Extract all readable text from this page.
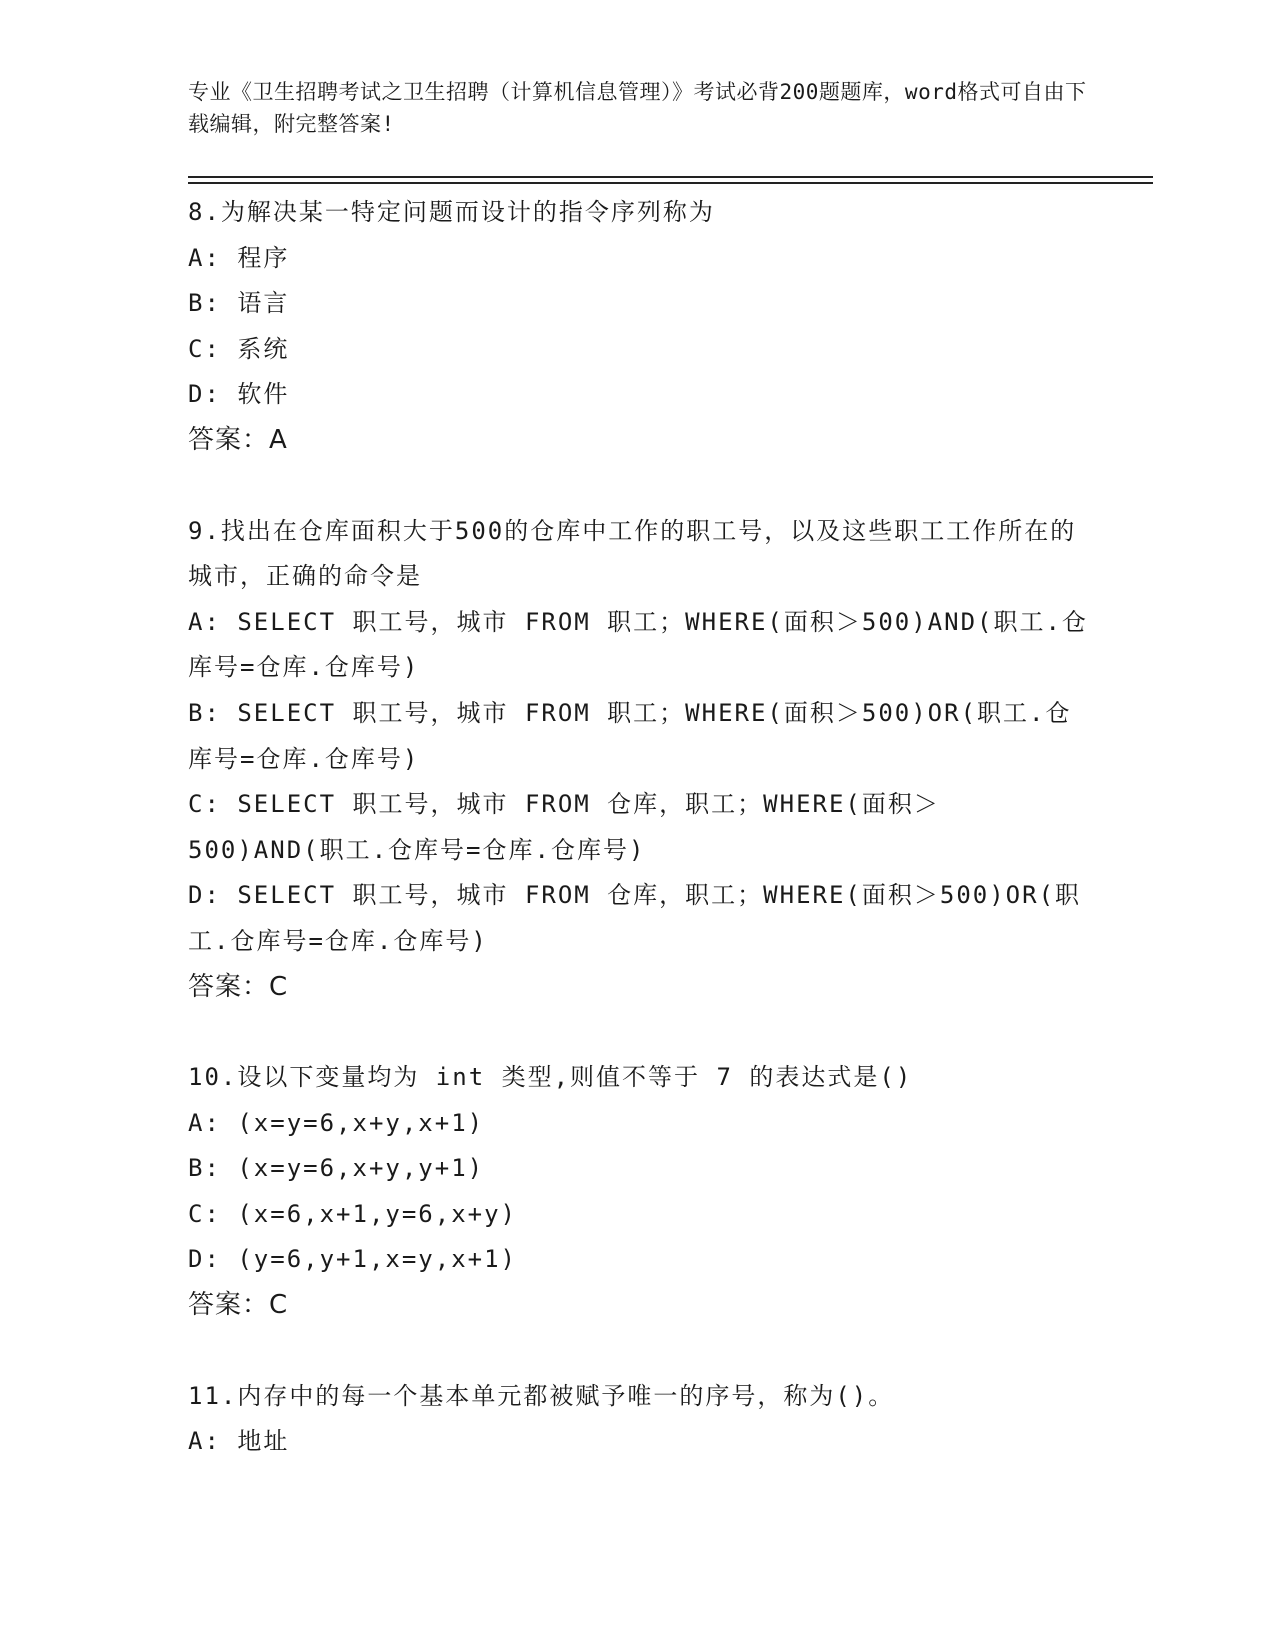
专业《卫生招聘考试之卫生招聘（计算机信息管理）》考试必背200题题库，word格式可自由下载编辑，附完整答案!
8.为解决某一特定问题而设计的指令序列称为
A: 程序
B: 语言
C: 系统
D: 软件
答案：A
9.找出在仓库面积大于500的仓库中工作的职工号，以及这些职工工作所在的城市，正确的命令是
A: SELECT 职工号，城市 FROM 职工；WHERE(面积＞500)AND(职工.仓库号=仓库.仓库号)
B: SELECT 职工号，城市 FROM 职工；WHERE(面积＞500)OR(职工.仓库号=仓库.仓库号)
C: SELECT 职工号，城市 FROM 仓库，职工；WHERE(面积＞500)AND(职工.仓库号=仓库.仓库号)
D: SELECT 职工号，城市 FROM 仓库，职工；WHERE(面积＞500)OR(职工.仓库号=仓库.仓库号)
答案：C
10.设以下变量均为 int 类型,则值不等于 7 的表达式是()
A: (x=y=6,x+y,x+1)
B: (x=y=6,x+y,y+1)
C: (x=6,x+1,y=6,x+y)
D: (y=6,y+1,x=y,x+1)
答案：C
11.内存中的每一个基本单元都被赋予唯一的序号，称为()。
A: 地址
